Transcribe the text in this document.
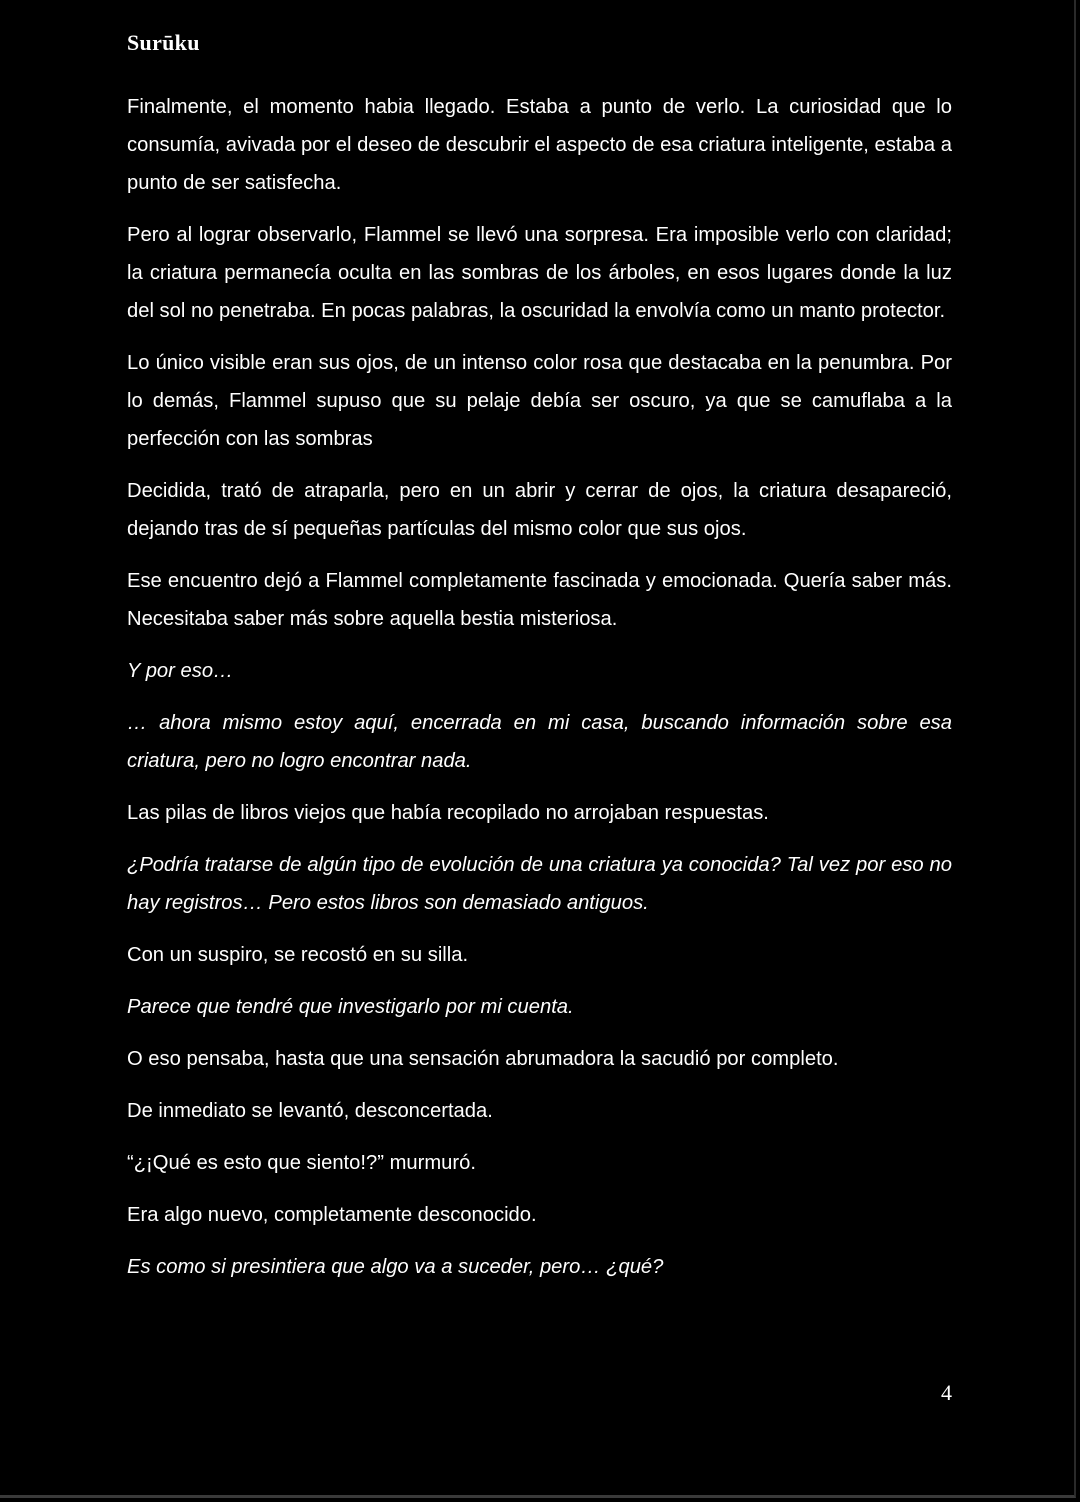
Surūku

Finalmente, el momento habia llegado. Estaba a punto de verlo. La curiosidad que lo consumía, avivada por el deseo de descubrir el aspecto de esa criatura inteligente, estaba a punto de ser satisfecha.

Pero al lograr observarlo, Flammel se llevó una sorpresa. Era imposible verlo con claridad; la criatura permanecía oculta en las sombras de los árboles, en esos lugares donde la luz del sol no penetraba. En pocas palabras, la oscuridad la envolvía como un manto protector.

Lo único visible eran sus ojos, de un intenso color rosa que destacaba en la penumbra. Por lo demás, Flammel supuso que su pelaje debía ser oscuro, ya que se camuflaba a la perfección con las sombras

Decidida, trató de atraparla, pero en un abrir y cerrar de ojos, la criatura desapareció, dejando tras de sí pequeñas partículas del mismo color que sus ojos.

Ese encuentro dejó a Flammel completamente fascinada y emocionada. Quería saber más. Necesitaba saber más sobre aquella bestia misteriosa.

Y por eso…

… ahora mismo estoy aquí, encerrada en mi casa, buscando información sobre esa criatura, pero no logro encontrar nada.

Las pilas de libros viejos que había recopilado no arrojaban respuestas.

¿Podría tratarse de algún tipo de evolución de una criatura ya conocida? Tal vez por eso no hay registros… Pero estos libros son demasiado antiguos.

Con un suspiro, se recostó en su silla.

Parece que tendré que investigarlo por mi cuenta.

O eso pensaba, hasta que una sensación abrumadora la sacudió por completo.

De inmediato se levantó, desconcertada.

“¿¡Qué es esto que siento!?” murmuró.

Era algo nuevo, completamente desconocido.

Es como si presintiera que algo va a suceder, pero… ¿qué?

4
